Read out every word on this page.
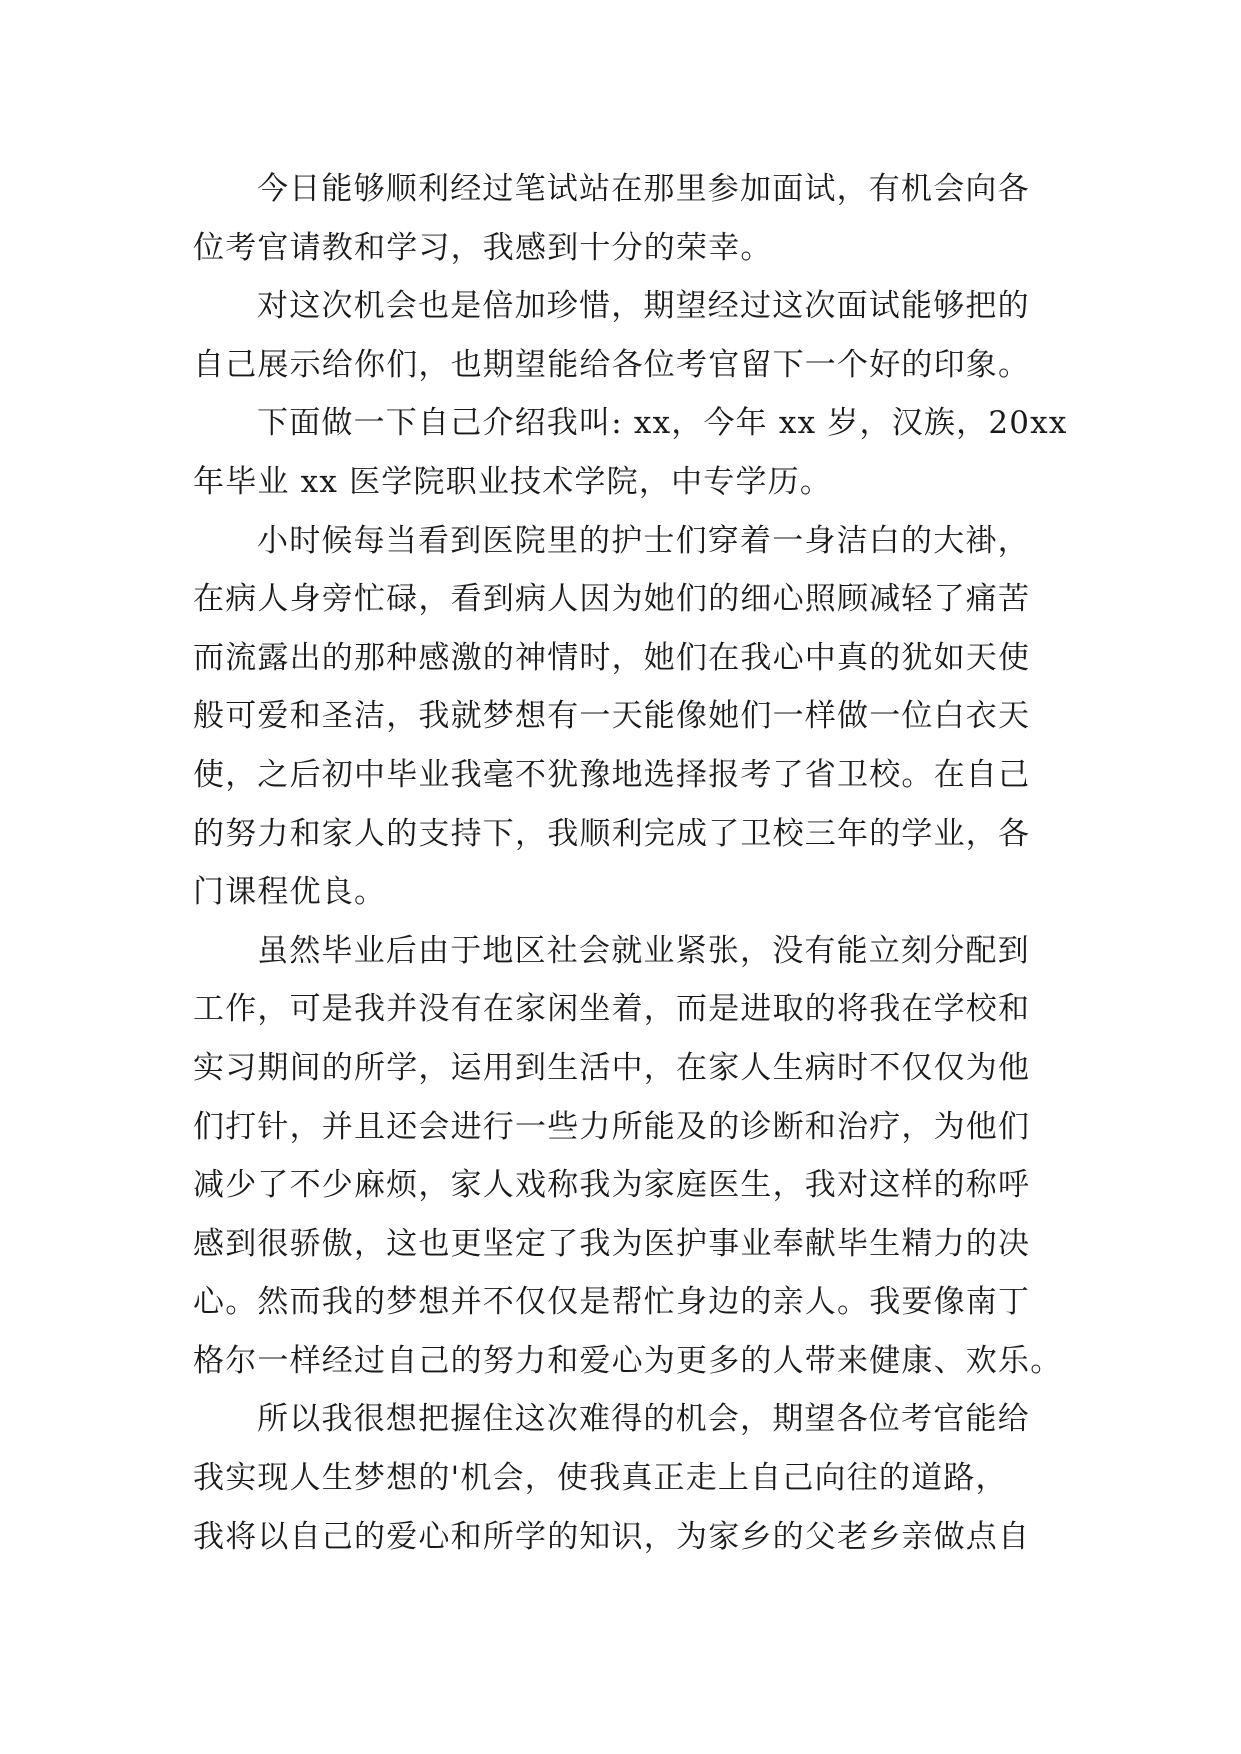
今日能够顺利经过笔试站在那里参加面试，有机会向各
位考官请教和学习，我感到十分的荣幸。
对这次机会也是倍加珍惜，期望经过这次面试能够把的
自己展示给你们，也期望能给各位考官留下一个好的印象。
下面做一下自己介绍我叫: xx，今年 xx 岁，汉族，20xx
年毕业 xx 医学院职业技术学院，中专学历。
小时候每当看到医院里的护士们穿着一身洁白的大褂，
在病人身旁忙碌，看到病人因为她们的细心照顾减轻了痛苦
而流露出的那种感激的神情时，她们在我心中真的犹如天使
般可爱和圣洁，我就梦想有一天能像她们一样做一位白衣天
使，之后初中毕业我毫不犹豫地选择报考了省卫校。在自己
的努力和家人的支持下，我顺利完成了卫校三年的学业，各
门课程优良。
虽然毕业后由于地区社会就业紧张，没有能立刻分配到
工作，可是我并没有在家闲坐着，而是进取的将我在学校和
实习期间的所学，运用到生活中，在家人生病时不仅仅为他
们打针，并且还会进行一些力所能及的诊断和治疗，为他们
减少了不少麻烦，家人戏称我为家庭医生，我对这样的称呼
感到很骄傲，这也更坚定了我为医护事业奉献毕生精力的决
心。然而我的梦想并不仅仅是帮忙身边的亲人。我要像南丁
格尔一样经过自己的努力和爱心为更多的人带来健康、欢乐。
所以我很想把握住这次难得的机会，期望各位考官能给
我实现人生梦想的'机会，使我真正走上自己向往的道路，
我将以自己的爱心和所学的知识，为家乡的父老乡亲做点自
